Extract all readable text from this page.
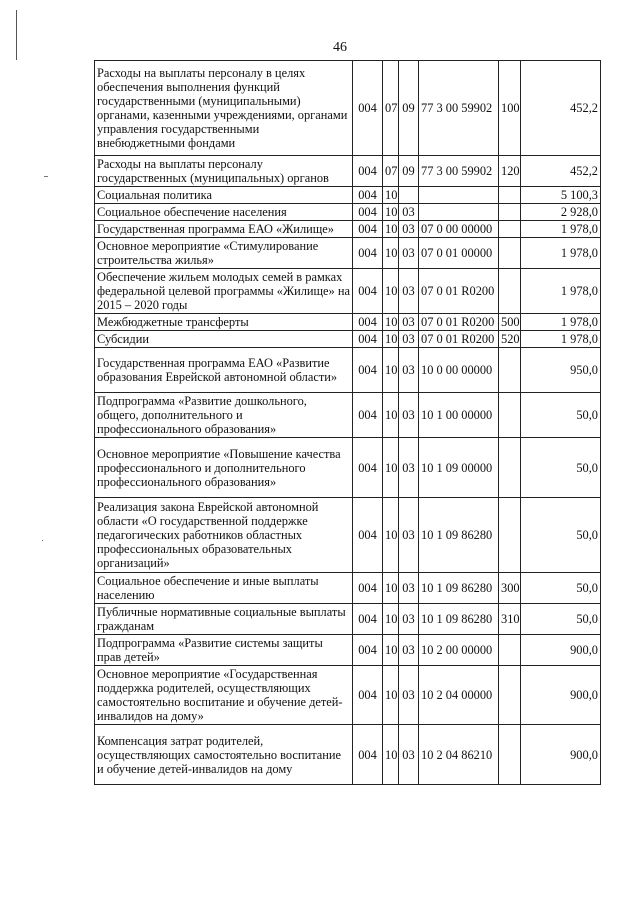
46
Расходы на выплаты персоналу в целях обеспечения выполнения функций государственными (муниципальными) органами, казенными учреждениями, органами управления государственными внебюджетными фондами	004	07	09	77 3 00 59902	100	452,2
Расходы на выплаты персоналу государственных (муниципальных) органов	004	07	09	77 3 00 59902	120	452,2
Социальная политика	004	10				5 100,3
Социальное обеспечение населения	004	10	03			2 928,0
Государственная программа ЕАО «Жилище»	004	10	03	07 0 00 00000		1 978,0
Основное мероприятие «Стимулирование строительства жилья»	004	10	03	07 0 01 00000		1 978,0
Обеспечение жильем молодых семей в рамках федеральной целевой программы «Жилище» на 2015 – 2020 годы	004	10	03	07 0 01 R0200		1 978,0
Межбюджетные трансферты	004	10	03	07 0 01 R0200	500	1 978,0
Субсидии	004	10	03	07 0 01 R0200	520	1 978,0
Государственная программа ЕАО «Развитие образования Еврейской автономной области»	004	10	03	10 0 00 00000		950,0
Подпрограмма «Развитие дошкольного, общего, дополнительного и профессионального образования»	004	10	03	10 1 00 00000		50,0
Основное мероприятие «Повышение качества профессионального и дополнительного профессионального образования»	004	10	03	10 1 09 00000		50,0
Реализация закона Еврейской автономной области «О государственной поддержке педагогических работников областных профессиональных образовательных организаций»	004	10	03	10 1 09 86280		50,0
Социальное обеспечение и иные выплаты населению	004	10	03	10 1 09 86280	300	50,0
Публичные нормативные социальные выплаты гражданам	004	10	03	10 1 09 86280	310	50,0
Подпрограмма «Развитие системы защиты прав детей»	004	10	03	10 2 00 00000		900,0
Основное мероприятие «Государственная поддержка родителей, осуществляющих самостоятельно воспитание и обучение детей-инвалидов на дому»	004	10	03	10 2 04 00000		900,0
Компенсация затрат родителей, осуществляющих самостоятельно воспитание и обучение детей-инвалидов на дому	004	10	03	10 2 04 86210		900,0
